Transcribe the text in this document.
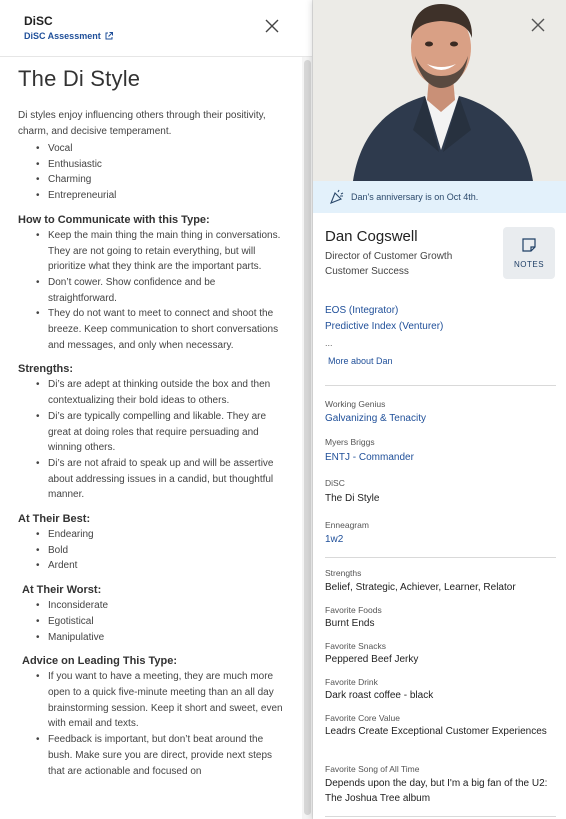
DiSC
DiSC Assessment
The Di Style
Di styles enjoy influencing others through their positivity, charm, and decisive temperament.
• Vocal
• Enthusiastic
• Charming
• Entrepreneurial
How to Communicate with this Type:
• Keep the main thing the main thing in conversations. They are not going to retain everything, but will prioritize what they think are the important parts.
• Don’t cower. Show confidence and be straightforward.
• They do not want to meet to connect and shoot the breeze. Keep communication to short conversations and messages, and only when necessary.
Strengths:
• Di’s are adept at thinking outside the box and then contextualizing their bold ideas to others.
• Di’s are typically compelling and likable. They are great at doing roles that require persuading and winning others.
• Di’s are not afraid to speak up and will be assertive about addressing issues in a candid, but thoughtful manner.
At Their Best:
• Endearing
• Bold
• Ardent
At Their Worst:
• Inconsiderate
• Egotistical
• Manipulative
Advice on Leading This Type:
• If you want to have a meeting, they are much more open to a quick five-minute meeting than an all day brainstorming session. Keep it short and sweet, even with email and texts.
• Feedback is important, but don’t beat around the bush. Make sure you are direct, provide next steps that are actionable and focused on
Dan's anniversary is on Oct 4th.
Dan Cogswell
Director of Customer Growth
Customer Success
NOTES
EOS (Integrator)
Predictive Index (Venturer)
...
More about Dan
Working Genius
Galvanizing & Tenacity
Myers Briggs
ENTJ - Commander
DiSC
The Di Style
Enneagram
1w2
Strengths
Belief, Strategic, Achiever, Learner, Relator
Favorite Foods
Burnt Ends
Favorite Snacks
Peppered Beef Jerky
Favorite Drink
Dark roast coffee - black
Favorite Core Value
Leadrs Create Exceptional Customer Experiences
Favorite Song of All Time
Depends upon the day, but I'm a big fan of the U2: The Joshua Tree album
